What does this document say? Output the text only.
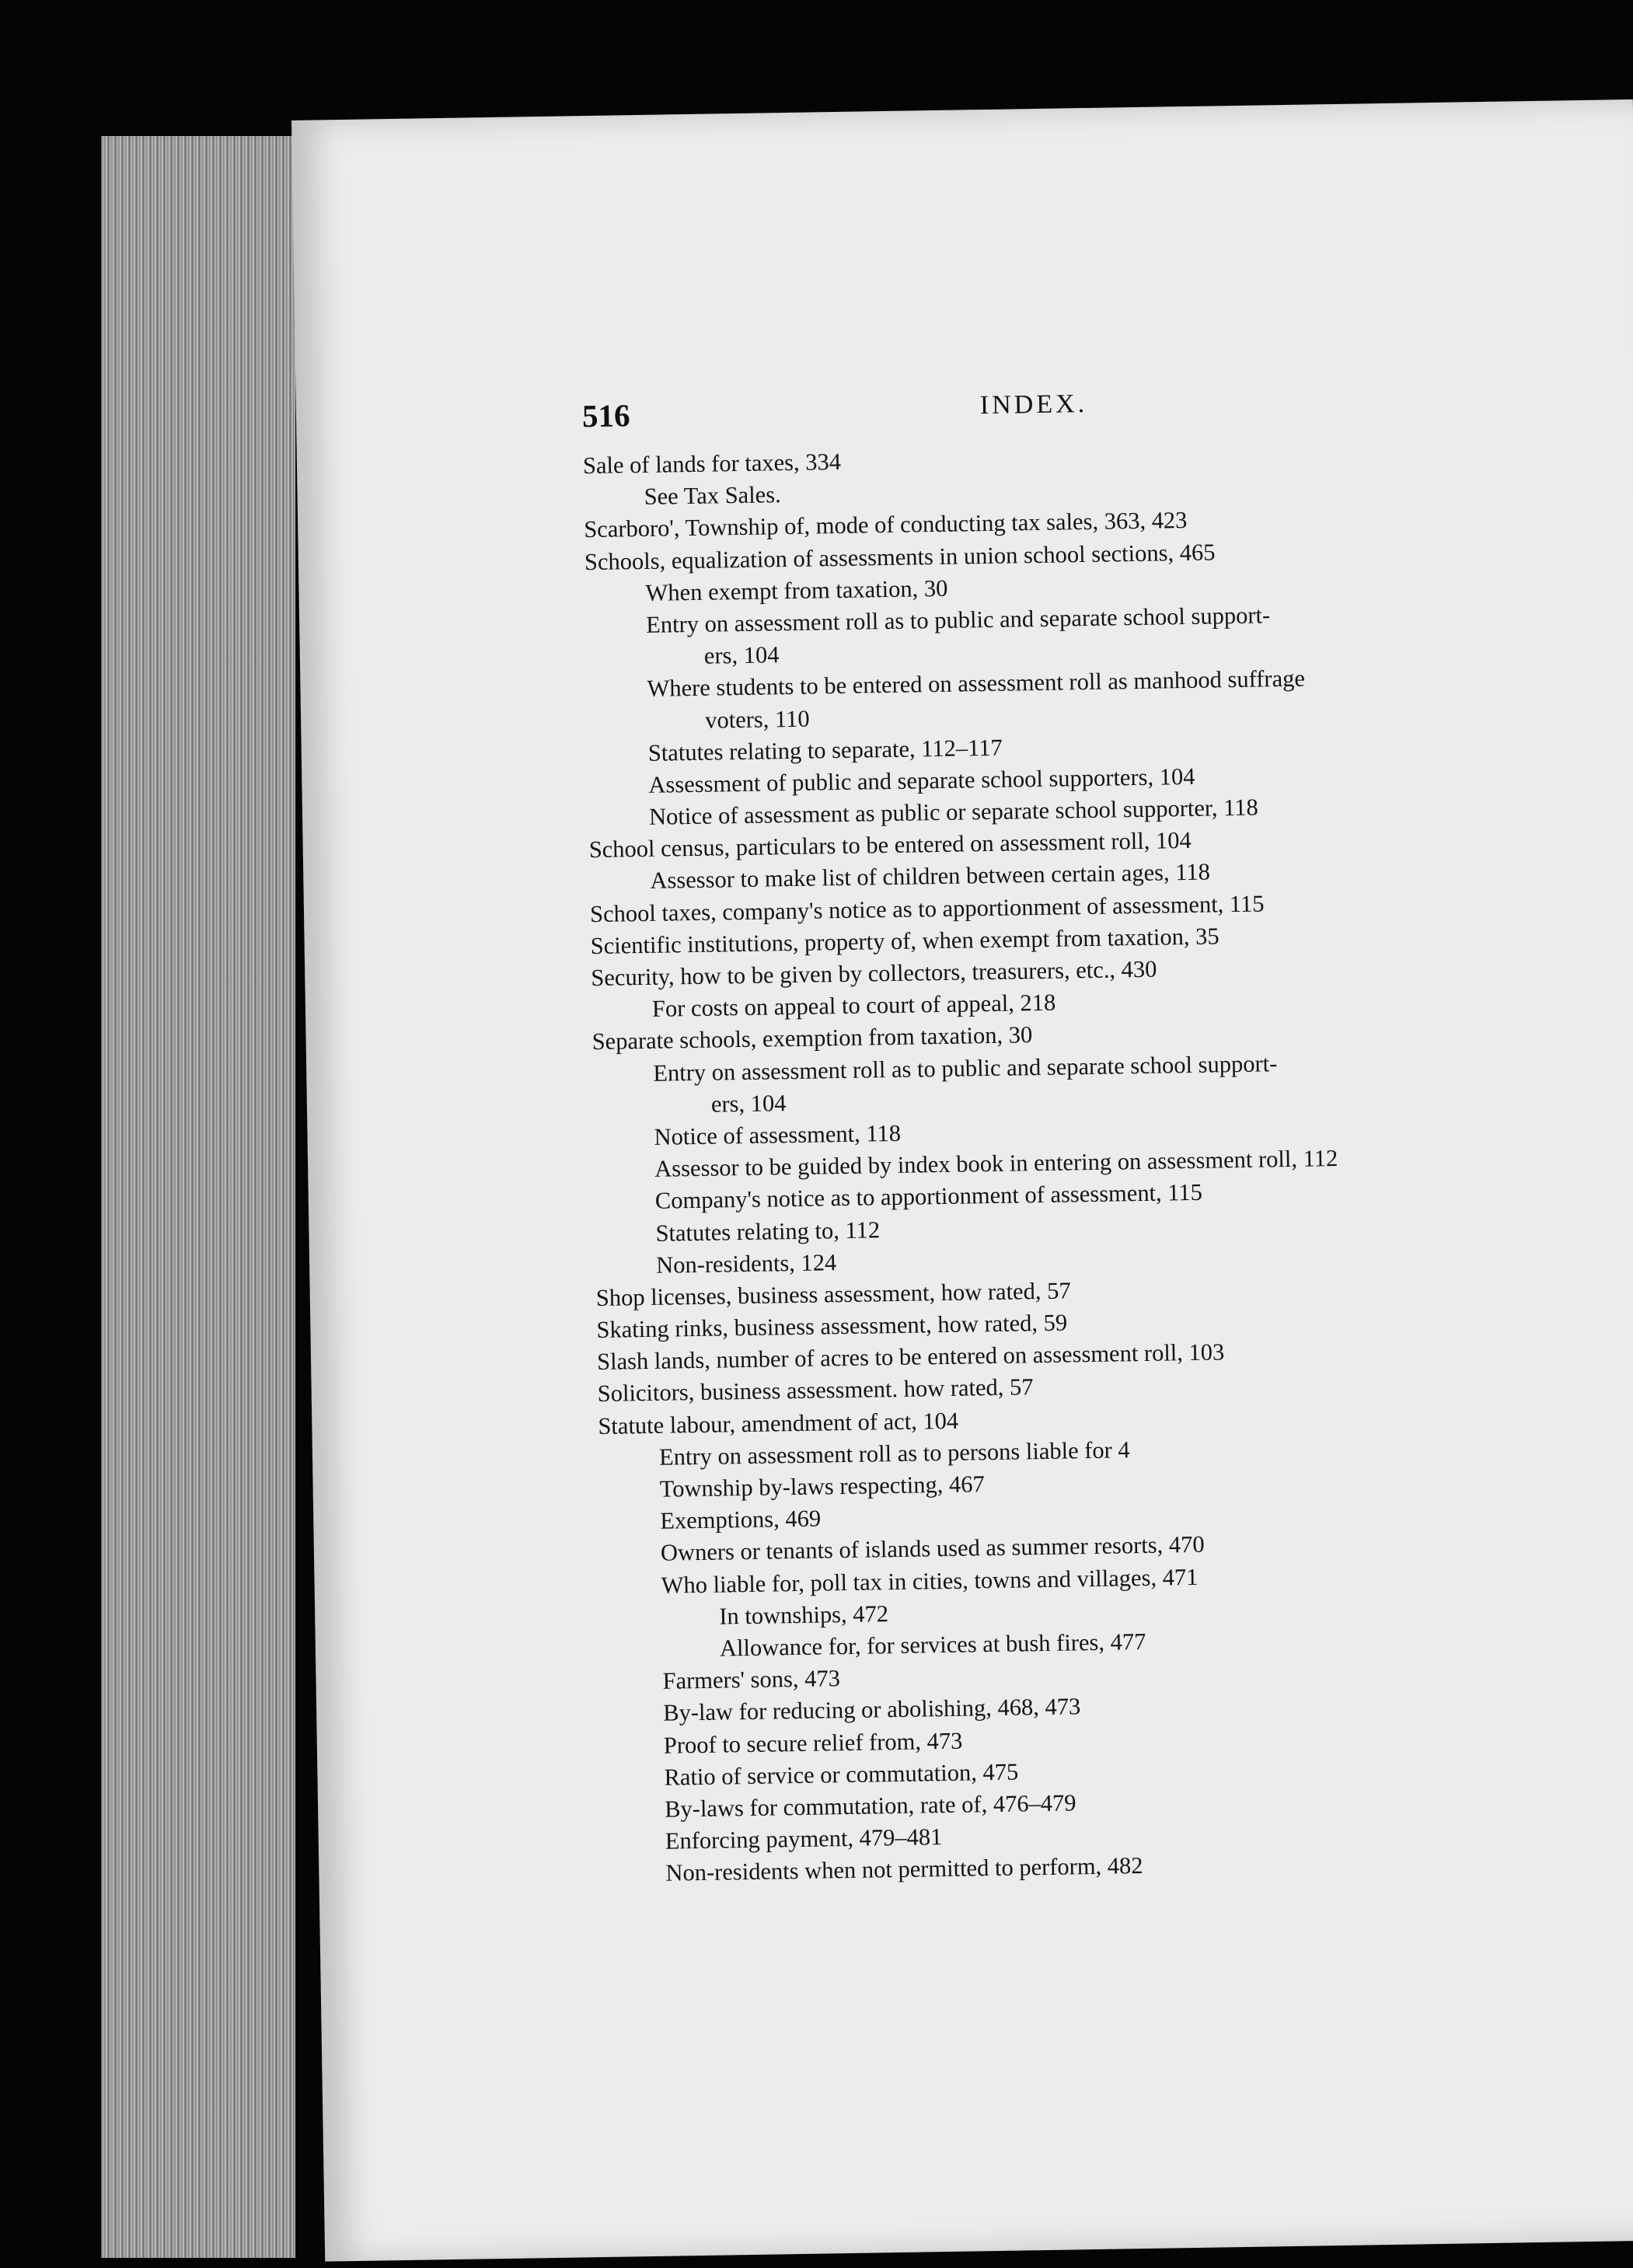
516	INDEX.
Sale of lands for taxes, 334
See Tax Sales.
Scarboro', Township of, mode of conducting tax sales, 363, 423
Schools, equalization of assessments in union school sections, 465
When exempt from taxation, 30
Entry on assessment roll as to public and separate school support-
ers, 104
Where students to be entered on assessment roll as manhood suffrage
voters, 110
Statutes relating to separate, 112–117
Assessment of public and separate school supporters, 104
Notice of assessment as public or separate school supporter, 118
School census, particulars to be entered on assessment roll, 104
Assessor to make list of children between certain ages, 118
School taxes, company's notice as to apportionment of assessment, 115
Scientific institutions, property of, when exempt from taxation, 35
Security, how to be given by collectors, treasurers, etc., 430
For costs on appeal to court of appeal, 218
Separate schools, exemption from taxation, 30
Entry on assessment roll as to public and separate school support-
ers, 104
Notice of assessment, 118
Assessor to be guided by index book in entering on assessment roll, 112
Company's notice as to apportionment of assessment, 115
Statutes relating to, 112
Non-residents, 124
Shop licenses, business assessment, how rated, 57
Skating rinks, business assessment, how rated, 59
Slash lands, number of acres to be entered on assessment roll, 103
Solicitors, business assessment. how rated, 57
Statute labour, amendment of act, 104
Entry on assessment roll as to persons liable for 4
Township by-laws respecting, 467
Exemptions, 469
Owners or tenants of islands used as summer resorts, 470
Who liable for, poll tax in cities, towns and villages, 471
In townships, 472
Allowance for, for services at bush fires, 477
Farmers' sons, 473
By-law for reducing or abolishing, 468, 473
Proof to secure relief from, 473
Ratio of service or commutation, 475
By-laws for commutation, rate of, 476–479
Enforcing payment, 479–481
Non-residents when not permitted to perform, 482
